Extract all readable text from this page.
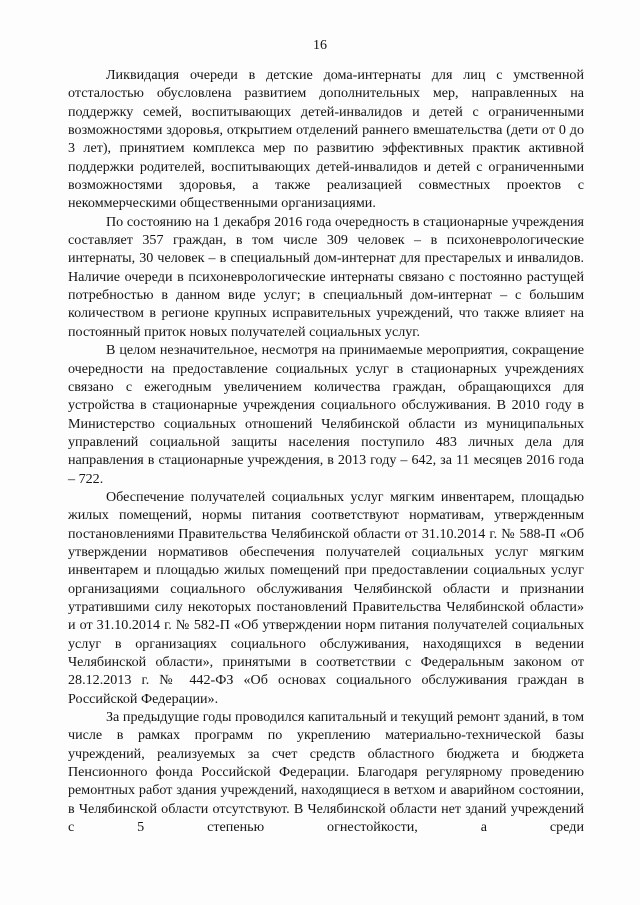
16

Ликвидация очереди в детские дома-интернаты для лиц с умственной отсталостью обусловлена развитием дополнительных мер, направленных на поддержку семей, воспитывающих детей-инвалидов и детей с ограниченными возможностями здоровья, открытием отделений раннего вмешательства (дети от 0 до 3 лет), принятием комплекса мер по развитию эффективных практик активной поддержки родителей, воспитывающих детей-инвалидов и детей с ограниченными возможностями здоровья, а также реализацией совместных проектов с некоммерческими общественными организациями.

По состоянию на 1 декабря 2016 года очередность в стационарные учреждения составляет 357 граждан, в том числе 309 человек – в психоневрологические интернаты, 30 человек – в специальный дом-интернат для престарелых и инвалидов. Наличие очереди в психоневрологические интернаты связано с постоянно растущей потребностью в данном виде услуг; в специальный дом-интернат – с большим количеством в регионе крупных исправительных учреждений, что также влияет на постоянный приток новых получателей социальных услуг.

В целом незначительное, несмотря на принимаемые мероприятия, сокращение очередности на предоставление социальных услуг в стационарных учреждениях связано с ежегодным увеличением количества граждан, обращающихся для устройства в стационарные учреждения социального обслуживания. В 2010 году в Министерство социальных отношений Челябинской области из муниципальных управлений социальной защиты населения поступило 483 личных дела для направления в стационарные учреждения, в 2013 году – 642, за 11 месяцев 2016 года – 722.

Обеспечение получателей социальных услуг мягким инвентарем, площадью жилых помещений, нормы питания соответствуют нормативам, утвержденным постановлениями Правительства Челябинской области от 31.10.2014 г. № 588-П «Об утверждении нормативов обеспечения получателей социальных услуг мягким инвентарем и площадью жилых помещений при предоставлении социальных услуг организациями социального обслуживания Челябинской области и признании утратившими силу некоторых постановлений Правительства Челябинской области» и от 31.10.2014 г. № 582-П «Об утверждении норм питания получателей социальных услуг в организациях социального обслуживания, находящихся в ведении Челябинской области», принятыми в соответствии с Федеральным законом от 28.12.2013 г. № 442-ФЗ «Об основах социального обслуживания граждан в Российской Федерации».

За предыдущие годы проводился капитальный и текущий ремонт зданий, в том числе в рамках программ по укреплению материально-технической базы учреждений, реализуемых за счет средств областного бюджета и бюджета Пенсионного фонда Российской Федерации. Благодаря регулярному проведению ремонтных работ здания учреждений, находящиеся в ветхом и аварийном состоянии, в Челябинской области отсутствуют. В Челябинской области нет зданий учреждений с 5 степенью огнестойкости, а среди
